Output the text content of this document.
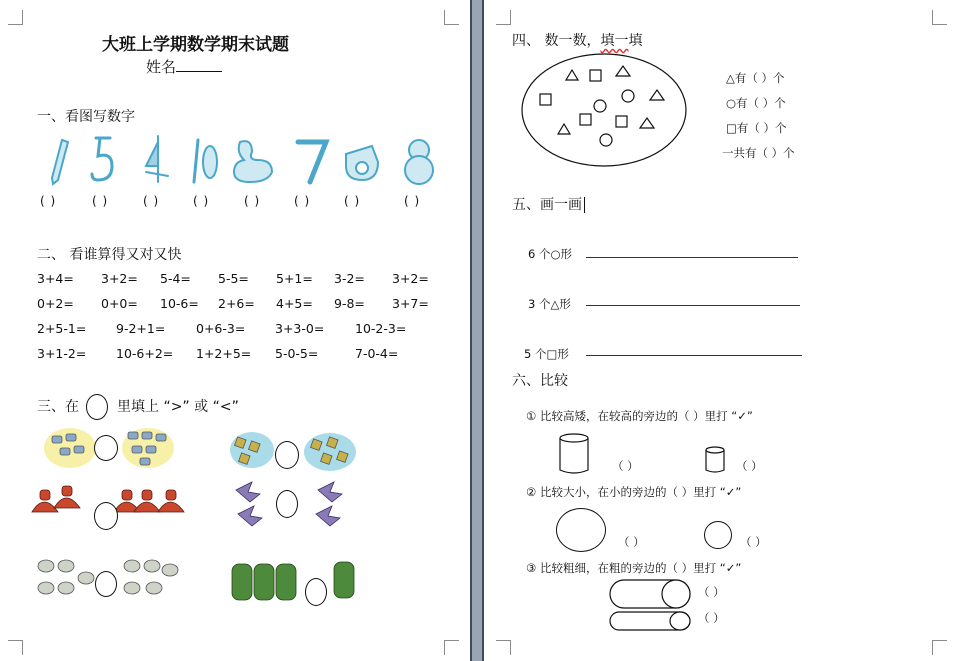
大班上学期数学期末试题
姓名
一、看图写数字
( )	( )	( )	( )	( )	( )	( )	( )
二、 看谁算得又对又快
3+4= 3+2= 5-4= 5-5= 5+1= 3-2= 3+2=
0+2= 0+0= 10-6= 2+6= 4+5= 9-8= 3+7=
2+5-1= 9-2+1= 0+6-3= 3+3-0= 10-2-3=
3+1-2= 10-6+2= 1+2+5= 5-0-5=	7-0-4=
三、在	里填上 “>” 或 “<”
四、 数一数，填一填
△有（ ）个
○有（ ）个
□有（ ）个
一共有（ ）个
五、画一画
6 个○形
3 个△形
5 个□形
六、比较
① 比较高矮，在较高的旁边的（ ）里打 “✓”
（ ）	（ ）
② 比较大小，在小的旁边的（ ）里打 “✓”
（ ）	（ ）
③ 比较粗细，在粗的旁边的（ ）里打 “✓”
（ ）
（ ）
